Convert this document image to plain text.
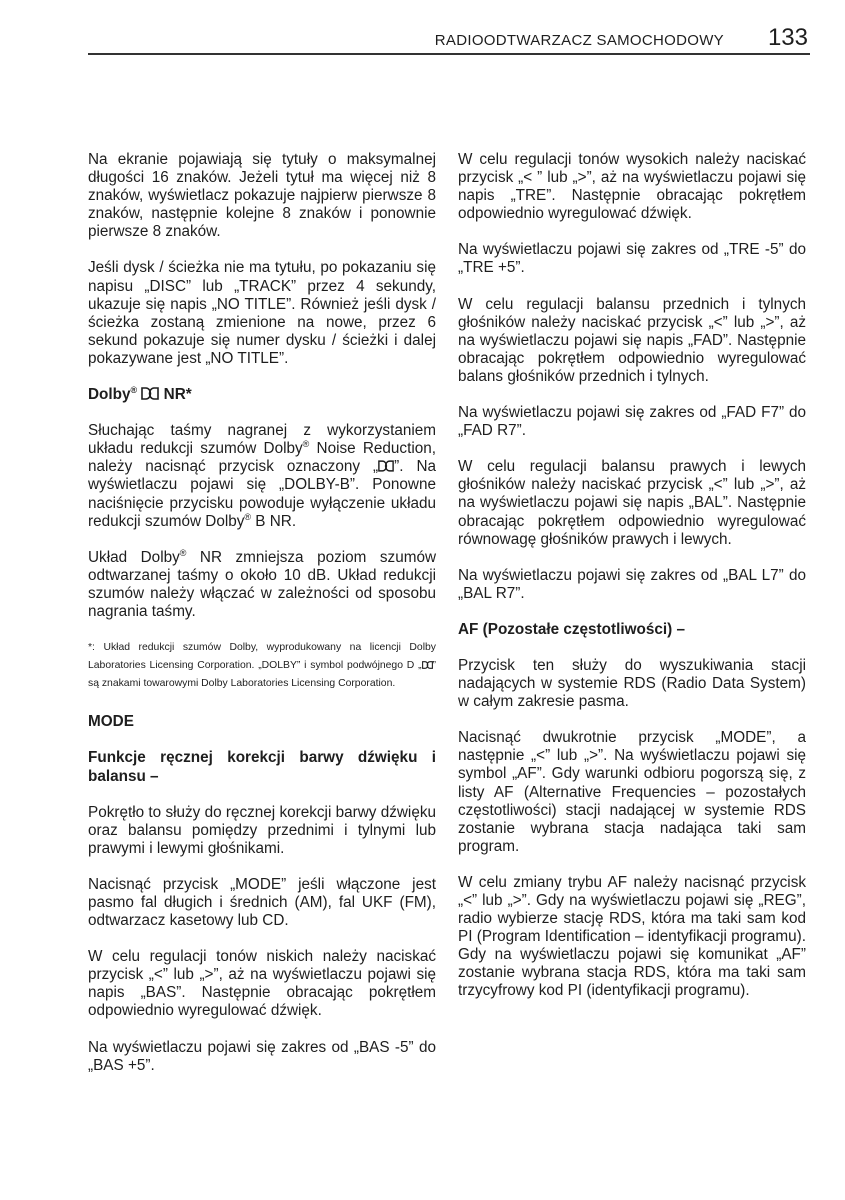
RADIOODTWARZACZ SAMOCHODOWY 133

Na ekranie pojawiają się tytuły o maksymalnej długości 16 znaków. Jeżeli tytuł ma więcej niż 8 znaków, wyświetlacz pokazuje najpierw pierwsze 8 znaków, następnie kolejne 8 znaków i ponownie pierwsze 8 znaków.

Jeśli dysk / ścieżka nie ma tytułu, po pokazaniu się napisu „DISC” lub „TRACK” przez 4 sekundy, ukazuje się napis „NO TITLE”. Również jeśli dysk / ścieżka zostaną zmienione na nowe, przez 6 sekund pokazuje się numer dysku / ścieżki i dalej pokazywane jest „NO TITLE”.

Dolby® NR*

Słuchając taśmy nagranej z wykorzystaniem układu redukcji szumów Dolby® Noise Reduction, należy nacisnąć przycisk oznaczony „ ”. Na wyświetlaczu pojawi się „DOLBY-B”. Ponowne naciśnięcie przycisku powoduje wyłączenie układu redukcji szumów Dolby® B NR.

Układ Dolby® NR zmniejsza poziom szumów odtwarzanej taśmy o około 10 dB. Układ redukcji szumów należy włączać w zależności od sposobu nagrania taśmy.

*: Układ redukcji szumów Dolby, wyprodukowany na licencji Dolby Laboratories Licensing Corporation. „DOLBY” i symbol podwójnego D „ ” są znakami towarowymi Dolby Laboratories Licensing Corporation.

MODE

Funkcje ręcznej korekcji barwy dźwięku i balansu –

Pokrętło to służy do ręcznej korekcji barwy dźwięku oraz balansu pomiędzy przednimi i tylnymi lub prawymi i lewymi głośnikami.

Nacisnąć przycisk „MODE” jeśli włączone jest pasmo fal długich i średnich (AM), fal UKF (FM), odtwarzacz kasetowy lub CD.

W celu regulacji tonów niskich należy naciskać przycisk „<” lub „>”, aż na wyświetlaczu pojawi się napis „BAS”. Następnie obracając pokrętłem odpowiednio wyregulować dźwięk.

Na wyświetlaczu pojawi się zakres od „BAS -5” do „BAS +5”.

W celu regulacji tonów wysokich należy naciskać przycisk „< ” lub „>”, aż na wyświetlaczu pojawi się napis „TRE”. Następnie obracając pokrętłem odpowiednio wyregulować dźwięk.

Na wyświetlaczu pojawi się zakres od „TRE -5” do „TRE +5”.

W celu regulacji balansu przednich i tylnych głośników należy naciskać przycisk „<” lub „>”, aż na wyświetlaczu pojawi się napis „FAD”. Następnie obracając pokrętłem odpowiednio wyregulować balans głośników przednich i tylnych.

Na wyświetlaczu pojawi się zakres od „FAD F7” do „FAD R7”.

W celu regulacji balansu prawych i lewych głośników należy naciskać przycisk „<” lub „>”, aż na wyświetlaczu pojawi się napis „BAL”. Następnie obracając pokrętłem odpowiednio wyregulować równowagę głośników prawych i lewych.

Na wyświetlaczu pojawi się zakres od „BAL L7” do „BAL R7”.

AF (Pozostałe częstotliwości) –

Przycisk ten służy do wyszukiwania stacji nadających w systemie RDS (Radio Data System) w całym zakresie pasma.

Nacisnąć dwukrotnie przycisk „MODE”, a następnie „<” lub „>”. Na wyświetlaczu pojawi się symbol „AF”. Gdy warunki odbioru pogorszą się, z listy AF (Alternative Frequencies – pozostałych częstotliwości) stacji nadającej w systemie RDS zostanie wybrana stacja nadająca taki sam program.

W celu zmiany trybu AF należy nacisnąć przycisk „<” lub „>”. Gdy na wyświetlaczu pojawi się „REG”, radio wybierze stację RDS, która ma taki sam kod PI (Program Identification – identyfikacji programu). Gdy na wyświetlaczu pojawi się komunikat „AF” zostanie wybrana stacja RDS, która ma taki sam trzycyfrowy kod PI (identyfikacji programu).
